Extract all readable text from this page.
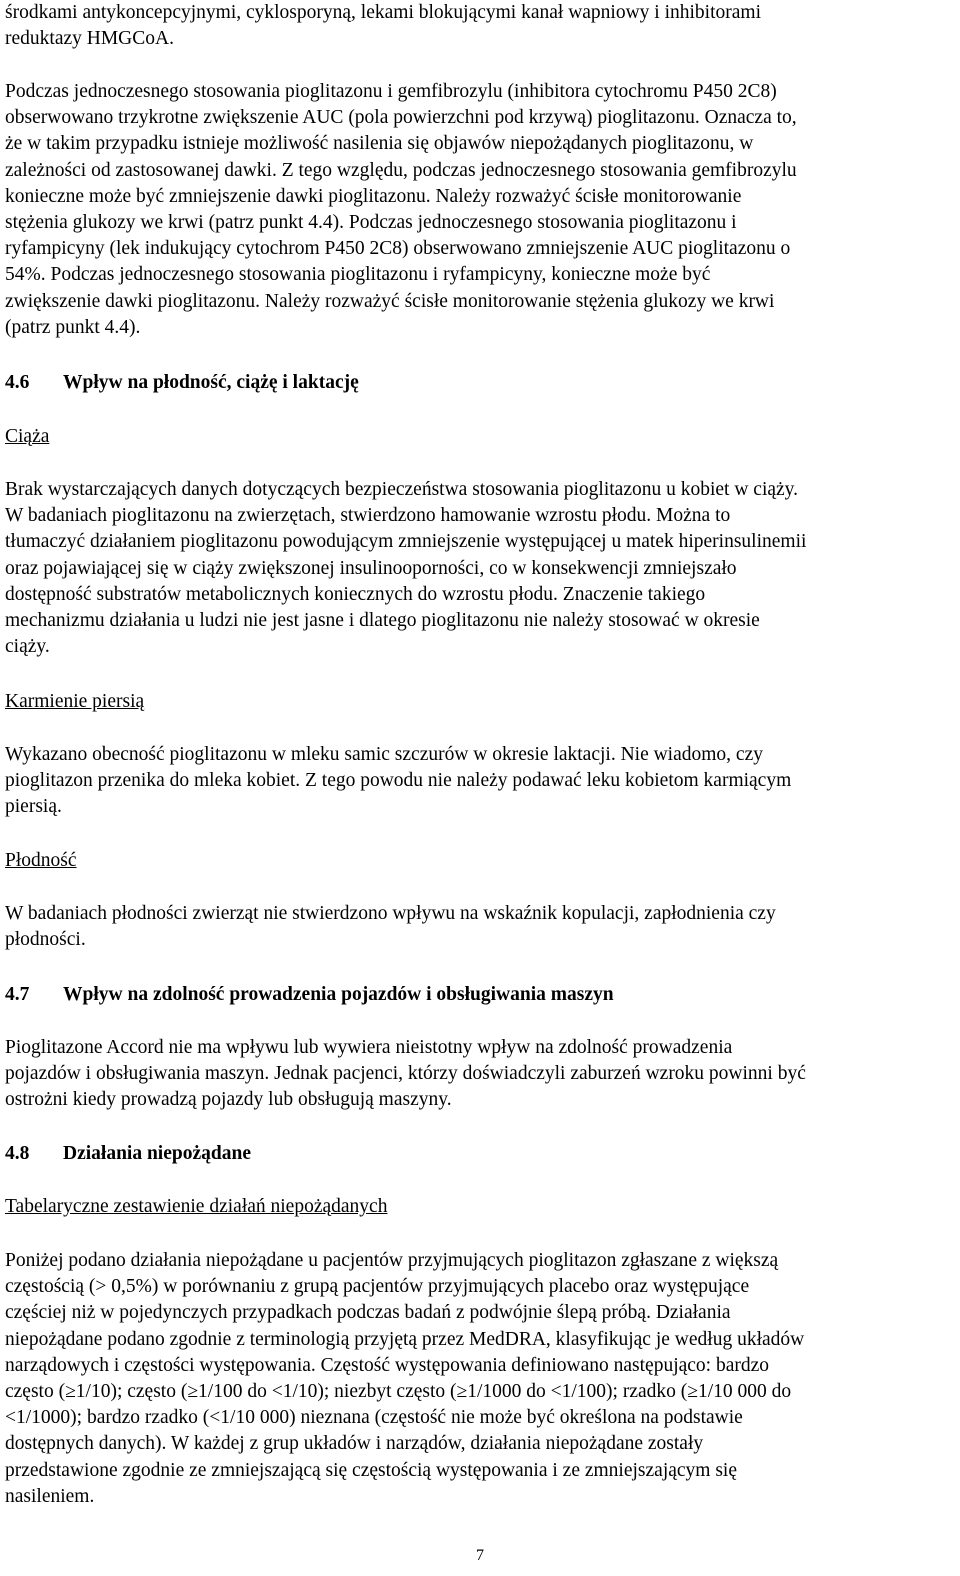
środkami antykoncepcyjnymi, cyklosporyną, lekami blokującymi kanał wapniowy i inhibitorami

reduktazy HMGCoA.

Podczas jednoczesnego stosowania pioglitazonu i gemfibrozylu (inhibitora cytochromu P450 2C8)

obserwowano trzykrotne zwiększenie AUC (pola powierzchni pod krzywą) pioglitazonu. Oznacza to,

że w takim przypadku istnieje możliwość nasilenia się objawów niepożądanych pioglitazonu, w

zależności od zastosowanej dawki. Z tego względu, podczas jednoczesnego stosowania gemfibrozylu

konieczne może być zmniejszenie dawki pioglitazonu. Należy rozważyć ścisłe monitorowanie

stężenia glukozy we krwi (patrz punkt 4.4). Podczas jednoczesnego stosowania pioglitazonu i

ryfampicyny (lek indukujący cytochrom P450 2C8) obserwowano zmniejszenie AUC pioglitazonu o

54%. Podczas jednoczesnego stosowania pioglitazonu i ryfampicyny, konieczne może być

zwiększenie dawki pioglitazonu. Należy rozważyć ścisłe monitorowanie stężenia glukozy we krwi

(patrz punkt 4.4).

4.6	Wpływ na płodność, ciążę i laktację
Ciąża

Brak wystarczających danych dotyczących bezpieczeństwa stosowania pioglitazonu u kobiet w ciąży.

W badaniach pioglitazonu na zwierzętach, stwierdzono hamowanie wzrostu płodu. Można to

tłumaczyć działaniem pioglitazonu powodującym zmniejszenie występującej u matek hiperinsulinemii

oraz pojawiającej się w ciąży zwiększonej insulinooporności, co w konsekwencji zmniejszało

dostępność substratów metabolicznych koniecznych do wzrostu płodu. Znaczenie takiego

mechanizmu działania u ludzi nie jest jasne i dlatego pioglitazonu nie należy stosować w okresie

ciąży.

Karmienie piersią

Wykazano obecność pioglitazonu w mleku samic szczurów w okresie laktacji. Nie wiadomo, czy

pioglitazon przenika do mleka kobiet. Z tego powodu nie należy podawać leku kobietom karmiącym

piersią.

Płodność

W badaniach płodności zwierząt nie stwierdzono wpływu na wskaźnik kopulacji, zapłodnienia czy

płodności.

4.7	Wpływ na zdolność prowadzenia pojazdów i obsługiwania maszyn

Pioglitazone Accord nie ma wpływu lub wywiera nieistotny wpływ na zdolność prowadzenia

pojazdów i obsługiwania maszyn. Jednak pacjenci, którzy doświadczyli zaburzeń wzroku powinni być

ostrożni kiedy prowadzą pojazdy lub obsługują maszyny.

4.8	Działania niepożądane
Tabelaryczne zestawienie działań niepożądanych

Poniżej podano działania niepożądane u pacjentów przyjmujących pioglitazon zgłaszane z większą

częstością (> 0,5%) w porównaniu z grupą pacjentów przyjmujących placebo oraz występujące

częściej niż w pojedynczych przypadkach podczas badań z podwójnie ślepą próbą. Działania

niepożądane podano zgodnie z terminologią przyjętą przez MedDRA, klasyfikując je według układów

narządowych i częstości występowania. Częstość występowania definiowano następująco: bardzo

często (≥1/10); często (≥1/100 do <1/10); niezbyt często (≥1/1000 do <1/100); rzadko (≥1/10 000 do

<1/1000); bardzo rzadko (<1/10 000) nieznana (częstość nie może być określona na podstawie

dostępnych danych). W każdej z grup układów i narządów, działania niepożądane zostały

przedstawione zgodnie ze zmniejszającą się częstością występowania i ze zmniejszającym się

nasileniem.

7
